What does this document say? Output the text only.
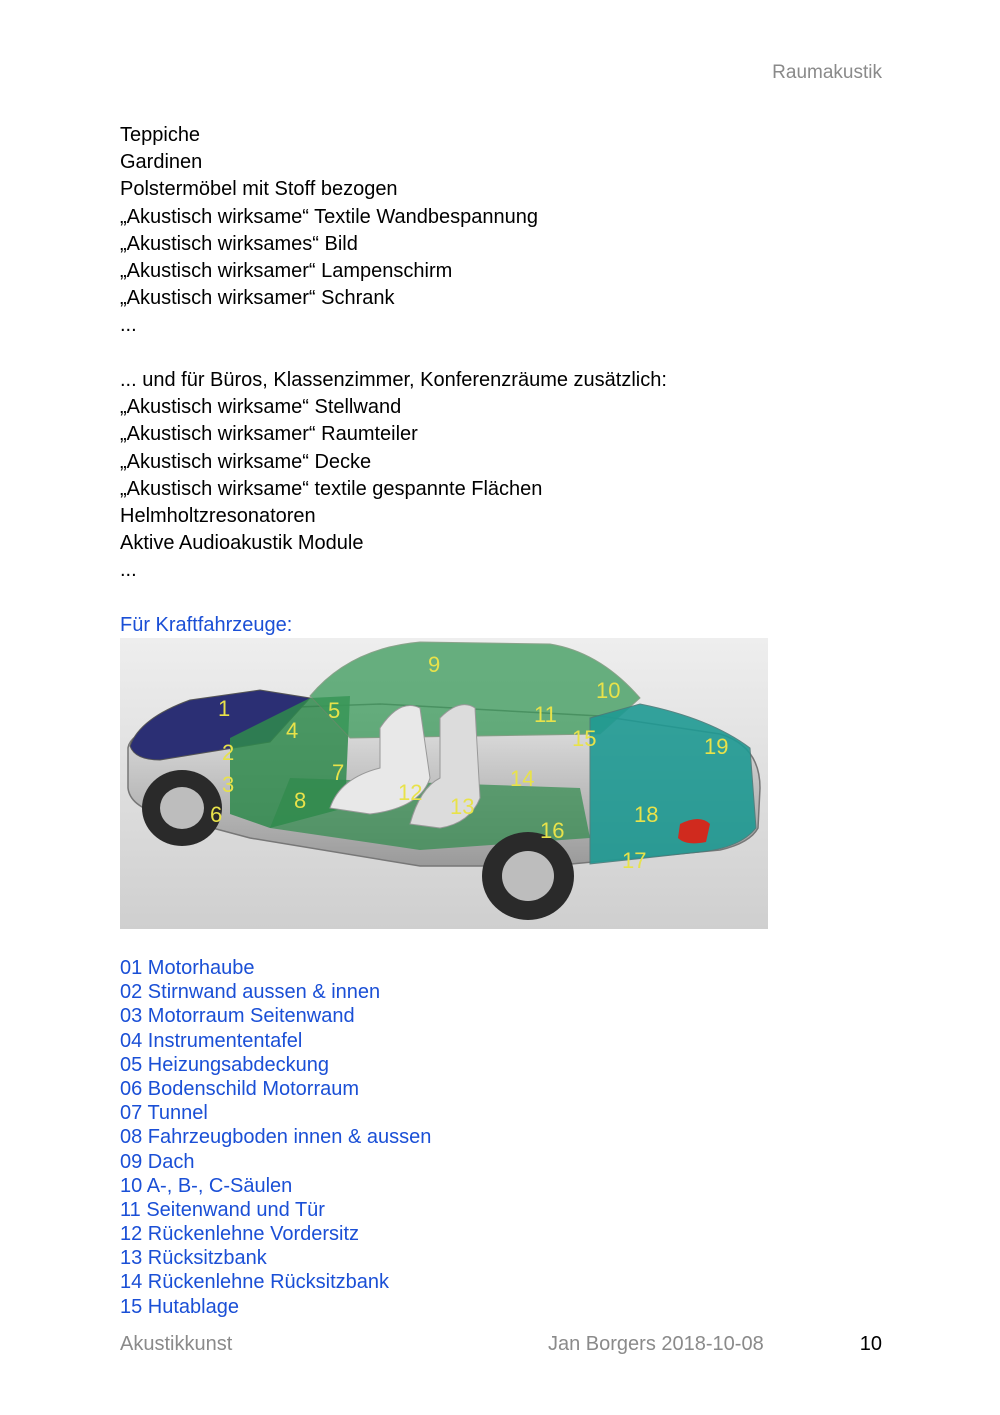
Raumakustik
Teppiche
Gardinen
Polstermöbel mit Stoff bezogen
„Akustisch wirksame“ Textile Wandbespannung
„Akustisch wirksames“ Bild
„Akustisch wirksamer“ Lampenschirm
„Akustisch wirksamer“ Schrank
...
... und für Büros, Klassenzimmer, Konferenzräume zusätzlich:
„Akustisch wirksame“ Stellwand
„Akustisch wirksamer“ Raumteiler
„Akustisch wirksame“ Decke
„Akustisch wirksame“ textile gespannte Flächen
Helmholtzresonatoren
Aktive Audioakustik Module
...
Für Kraftfahrzeuge:
1
2
3
4
5
6
7
8
9
10
11
12
13
14
15
16
17
18
19
01 Motorhaube
02 Stirnwand aussen & innen
03 Motorraum Seitenwand
04 Instrumententafel
05 Heizungsabdeckung
06 Bodenschild Motorraum
07 Tunnel
08 Fahrzeugboden innen & aussen
09 Dach
10 A-, B-, C-Säulen
11 Seitenwand und Tür
12 Rückenlehne Vordersitz
13 Rücksitzbank
14 Rückenlehne Rücksitzbank
15 Hutablage
Akustikkunst	Jan Borgers 2018-10-08	10
